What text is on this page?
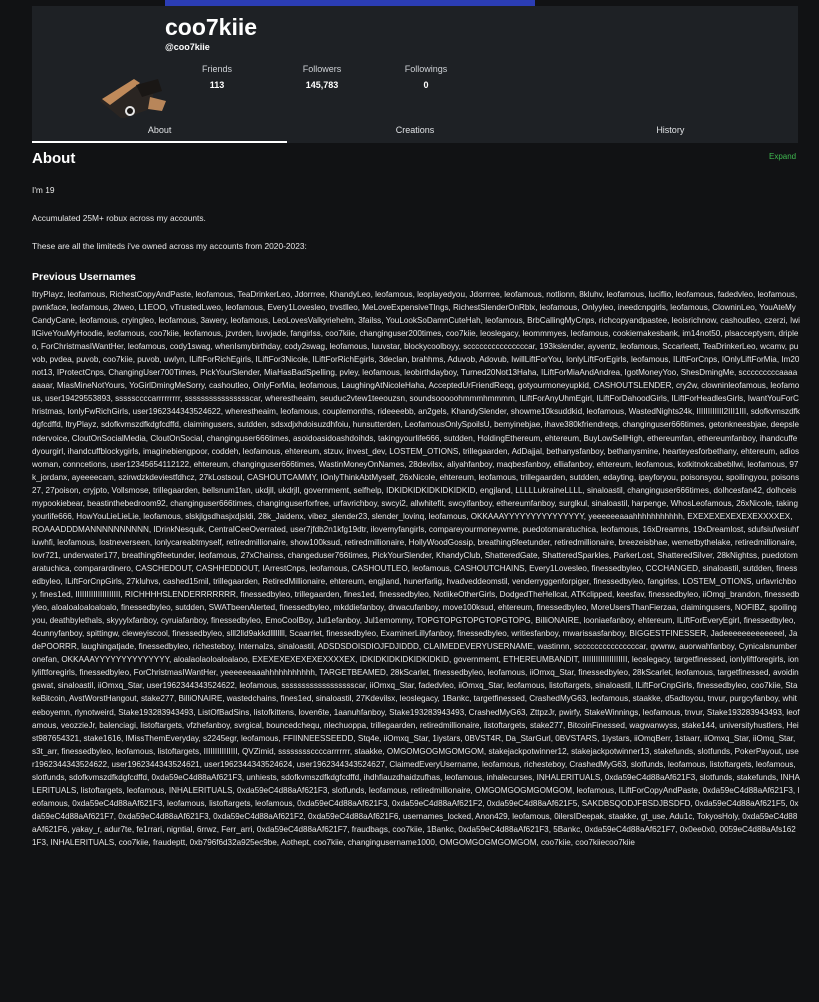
coo7kiie
@coo7kiie
Friends
113
Followers
145,783
Followings
0
About	Creations	History
About	Expand
I'm 19
Accumulated 25M+ robux across my accounts.
These are all the limiteds i've owned across my accounts from 2020-2023:
Previous Usernames
ItryPlayz, leofamous, RichestCopyAndPaste, leofamous, TeaDrinkerLeo, Jdorrree, KhandyLeo, leofamous, leoplayedyou, Jdorrree, leofamous, notlionn, 8kluhv, leofamous, luciflio, leofamous, fadedvleo, leofamous, pwnkface, leofamous, 2lweo, L1EOO, vTrustedLweo, leofamous, Every1Lovesleo, trvstlleo, MeLoveExpensiveTlngs, RichestSlenderOnRblx, leofamous, Onlyyleo, ineedcnpgirls, leofamous, ClowninLeo, YouAteMyCandyCane, leofamous, cryingleo, leofamous, 3awery, leofamous, LeoLovesValkyriehelm, 3failss, YouLookSoDamnCuteHah, leofamous, BrbCallingMyCnps, richcopyandpastee, leoisrichnow, cashoutleo, czerzi, IwillGiveYouMyHoodie, leofamous, coo7kiie, leofamous, jzvrden, luvvjade, fangirlss, coo7kiie, changinguser200times, coo7kiie, leoslegacy, leommmyes, leofamous, cookiemakesbank, im14not50, plsacceptysm, dripleo, ForChristmasIWantHer, leofamous, cody1swag, whenIsmybirthday, cody2swag, leofamous, luuvstar, blockycoolboyy, scccccccccccccccar, 193kslender, ayventz, leofamous, Sccarleett, TeaDrinkerLeo, wcamv, puvob, pvdea, puvob, coo7kiie, puvob, uwlyn, ILiftForRichEgirls, ILiftFor3Nicole, ILiftForRichEgirls, 3declan, brahhms, Aduvob, Adovub, IwillLiftForYou, IonlyLiftForEgirls, leofamous, ILiftForCnps, IOnlyLiftForMia, Im20not13, IProtectCnps, ChangingUser700Times, PickYourSlender, MiaHasBadSpelling, pvley, leofamous, leobirthdayboy, Turned20Not13Haha, ILiftForMiaAndAndrea, IgotMoneyYoo, ShesDmingMe, scccccccccaaaaaaaar, MiasMineNotYours, YoGirlDmingMeSorry, cashoutleo, OnlyForMia, leofamous, LaughingAtNicoleHaha, AcceptedUrFriendReqq, gotyourmoneyupkid, CASHOUTSLENDER, cry2w, clowninleofamous, leofamous, user19429553893, sssssccccarrrrrrrrr, sssssssssssssssscar, wherestheaim, seuduc2vtew1teeouzsn, soundsooooohmmmhmmmm, ILiftForAnyUhmEgirl, ILiftForDahoodGirls, ILiftForHeadlesGirls, IwantYouForChristmas, IonlyFwRichGirls, user1962344343524622, wherestheaim, leofamous, couplemonths, rideeeebb, an2gels, KhandySlender, showme10ksuddkid, leofamous, WastedNights24k, IIIIIIIIIIII2III1III, sdofkvmszdfkdgfcdffd, ItryPlayz, sdofkvmszdfkdgfcdffd, claimingusers, sutdden, sdsxdjxhdoisuzdhfoiu, hunsutterden, LeofamousOnlySpoilsU, bemyinebjae, ihave380kfriendreqs, changinguser666times, getonkneesbjae, deepslendervoice, CloutOnSocialMedia, CloutOnSocial, changinguser666times, asoidoasidoashdoihds, takingyourlife666, sutdden, HoldingEthereum, ehtereum, BuyLowSellHigh, ethereumfan, ethereumfanboy, ihandcuffedyourgirl, ihandcuffblockygirls, imaginebiengpoor, coddeh, leofamous, ehtereum, stzuv, invest_dev, LOSTEM_OTIONS, trillegaarden, AdDajjal, bethanysfanboy, bethanysmine, hearteyesforbethany, ehtereum, adioswoman, conncetions, user12345654112122, ehtereum, changinguser666times, WastinMoneyOnNames, 28devilsx, aliyahfanboy, maqbesfanboy, elliafanboy, ehtereum, leofamous, kotkitnokcabebllwi, leofamous, 97k_jordanx, ayeeeecam, szirwdzkdeviestfdhcz, 27kLostsoul, CASHOUTCAMMY, IOnlyThinkAbtMyself, 26xNicole, ehtereum, leofamous, trillegaarden, sutdden, edayting, ipayforyou, poisonsyou, spoilingyou, poisons27, 27poison, cryjpto, Vollsmose, trillegaarden, bellsnum1fan, ukdjll, ukdrjll, governmemt, selfhelp, IDKIDKIDKIDKIDKIDKID, engjland, LLLLLukraineLLLL, sinaloastil, changinguser666times, dolhcesfan42, dolhceismypookiebear, beastinthebedroom92, changinguser666times, changinguserforfree, urfavrichboy, swcyi2, allwhitefit, swcyifanboy, ethereumfanboy, surglkul, sinaloastil, harpenge, WhosLeofamous, 26xNicole, takingyourlife666, HowYouLieLieLie, leofamous, slskjlgsdhasjxdjsldi, 28k_Jaidenx, vibez_slender23, slender_lovinq, leofamous, OKKAAAYYYYYYYYYYYYYYY, yeeeeeeaaahhhhhhhhhhh, EXEXEXEXEXEXEXXXXEX, ROAAADDDMANNNNNNNNNN, IDrinkNesquik, CentralCeeOverrated, user7jfdb2n1kfg19dtr, ilovemyfangirls, compareyourmoneywme, puedotomaratuchica, leofamous, 16xDreamns, 19xDreamlost, sdufsiufwsiuhfiuwhfi, leofamous, lostneverseen, lonlycareabtmyself, retiredmillionaire, show100ksud, retiredmillionaire, HollyWoodGossip, breathing6feetunder, retiredmillionaire, breezeisbhae, wemetbythelake, retiredmillionaire, lovr721, underwater177, breathing6feetunder, leofamous, 27xChainss, changeduser766times, PickYourSlender, KhandyClub, ShatteredGate, ShatteredSparkles, ParkerLost, ShatteredSilver, 28kNightss, puedotomaratuchica, comparardinero, CASCHEDOUT, CASHHEDDOUT, IArrestCnps, leofamous, CASHOUTLEO, leofamous, CASHOUTCHAINS, Every1Lovesleo, finessedbyleo, CCCHANGED, sinaloastil, sutdden, finessedbyleo, ILiftForCnpGirls, 27kluhvs, cashed15mil, trillegaarden, RetiredMillionaire, ehtereum, engjland, hunerfarlig, hvadveddeomstil, venderryggenforpiger, finessedbyleo, fangirlss, LOSTEM_OTIONS, urfavrichboy, fines1ed, IIIIIIIIIIIIIIIIIIII, RICHHHHSLENDERRRRRRR, finessedbyleo, trillegaarden, fines1ed, finessedbyleo, NotlikeOtherGirls, DodgedTheHellcat, ATKclipped, keesfav, finessedbyleo, iiOmqi_brandon, finessedbyleo, aloaloaloaloaloalo, finessedbyleo, sutdden, SWATbeenAlerted, finessedbyleo, mkddiefanboy, drwacufanboy, move100ksud, ehtereum, finessedbyleo, MoreUsersThanFierzaa, claimingusers, NOFIBZ, spoilingyou, deathbylethals, skyyylxfanboy, cyruiafanboy, finessedbyleo, EmoCoolBoy, Jul1efanboy, Jul1emommy, TOPGTOPGTOPGTOPGTOPG, BilliONAIRE, looniaefanboy, ehtereum, ILiftForEveryEgirl, finessedbyleo, 4cunnyfanboy, spittingw, cleweyiscool, finessedbyleo, slll2lld9akkdllllllll, Scaarrlet, finessedbyleo, ExaminerLillyfanboy, finessedbyleo, writiesfanboy, mwarissasfanboy, BIGGESTFINESSER, Jadeeeeeeeeeeeeel, JadePOORRR, laughingatjade, finessedbyleo, richesteboy, Internalzs, sinaloastil, ADSDSDOISDIOJFDJIDDD, CLAIMEDEVERYUSERNAME, wastinnn, scccccccccccccccar, qvwnw, auorwahfanboy, Cynicalsnumberonefan, OKKAAAYYYYYYYYYYYYYY, aloalaolaoloaloalaoo, EXEXEXEXEXEXEXXXXEX, IDKIDKIDKIDKIDKIDKID, governmemt, ETHEREUMBANDIT, IIIIIIIIIIIIIIIIIIII, leoslegacy, targetfinessed, ionlyliftforegirls, ionlyliftforegirls, finessedbyleo, ForChristmasIWantHer, yeeeeeeaaahhhhhhhhhhh, TARGETBEAMED, 28kScarlet, finessedbyleo, leofamous, iiOmxq_Star, finessedbyleo, 28kScarlet, leofamous, targetfinessed, avoidingswat, sinaloastil, iiOmxq_Star, user1962344343524622, leofamous, sssssssssssssssssscar, iiOmxq_Star, fadedvleo, iiOmxq_Star, leofamous, listoftargets, sinaloastil, ILiftForCnpGirls, finessedbyleo, coo7kiie, StakeBitcoin, AvstWorstHangout, stake277, BilliONAIRE, wastedchains, fines1ed, sinaloastil, 27Kdevilsx, leoslegacy, 1Bankc, targetfinessed, CrashedMyG63, leofamous, staakke, d5adtoyou, tnvur, purgcyfanboy, whiteeboyemn, rlynotweird, Stake193283943493, ListOfBadSins, listofkittens, loven6te, 1aanuhfanboy, Stake193283943493, CrashedMyG63, ZttpzJr, pwirfy, StakeWinnings, leofamous, tnvur, Stake193283943493, leofamous, veozzieJr, balenciagi, listoftargets, vfzhefanboy, svrgical, bouncedchequ, nlechuoppa, trillegaarden, retiredmillionaire, listoftargets, stake277, BitcoinFinessed, wagwanwyss, stake144, universityhustlers, Heist987654321, stake1616, IMissThemEveryday, s2245egr, leofamous, FFIINNEESSEEDD, Stq4e, iiOmxq_Star, 1iystars, 0BVST4R, Da_StarGurl, 0BVSTARS, 1iystars, iiOmqBerr, 1staarr, iiOmxq_Star, iiOmq_Star, s3t_arr, finessedbyleo, leofamous, listoftargets, IIIIIIIIIIIIIII, QVZimid, ssssssssccccarrrrrrr, staakke, OMGOMGOGMGOMGOM, stakejackpotwinner12, stakejackpotwinner13, stakefunds, slotfunds, PokerPayout, user1962344343524622, user1962344343524621, user1962344343524624, user1962344343524627, ClaimedEveryUsername, leofamous, richesteboy, CrashedMyG63, slotfunds, leofamous, listoftargets, leofamous, slotfunds, sdofkvmszdfkdgfcdffd, 0xda59eC4d88aAf621F3, unhiests, sdofkvmszdfkdgfcdffd, ihdhfiauzdhaidzufhas, leofamous, inhalecurses, INHALERITUALS, 0xda59eC4d88aAf621F3, slotfunds, stakefunds, INHALERITUALS, listoftargets, leofamous, INHALERITUALS, 0xda59eC4d88aAf621F3, slotfunds, leofamous, retiredmillionaire, OMGOMGOGMGOMGOM, leofamous, ILiftForCopyAndPaste, 0xda59eC4d88aAf621F3, leofamous, 0xda59eC4d88aAf621F3, leofamous, listoftargets, leofamous, 0xda59eC4d88aAf621F3, 0xda59eC4d88aAf621F2, 0xda59eC4d88aAf621F5, SAKDBSQODJFBSDJBSDFD, 0xda59eC4d88aAf621F5, 0xda59eC4d88aAf621F7, 0xda59eC4d88aAf621F3, 0xda59eC4d88aAf621F2, 0xda59eC4d88aAf621F6, usernames_locked, Anon429, leofamous, 0ilersIDeepak, staakke, gt_use, Adu1c, TokyosHoly, 0xda59eC4d88aAf621F6, yakay_r, adur7te, fe1rrari, nigntial, 6rrwz, Ferr_arri, 0xda59eC4d88aAf621F7, fraudbags, coo7kiie, 1Bankc, 0xda59eC4d88aAf621F3, 5Bankc, 0xda59eC4d88aAf621F7, 0x0ee0x0, 0059eC4d88aAfs1621F3, INHALERITUALS, coo7kiie, fraudeptt, 0xb796f6d32a925ec9be, Aothept, coo7kiie, changingusername1000, OMGOMGOGMGOMGOM, coo7kiie, coo7kiiecoo7kiie
